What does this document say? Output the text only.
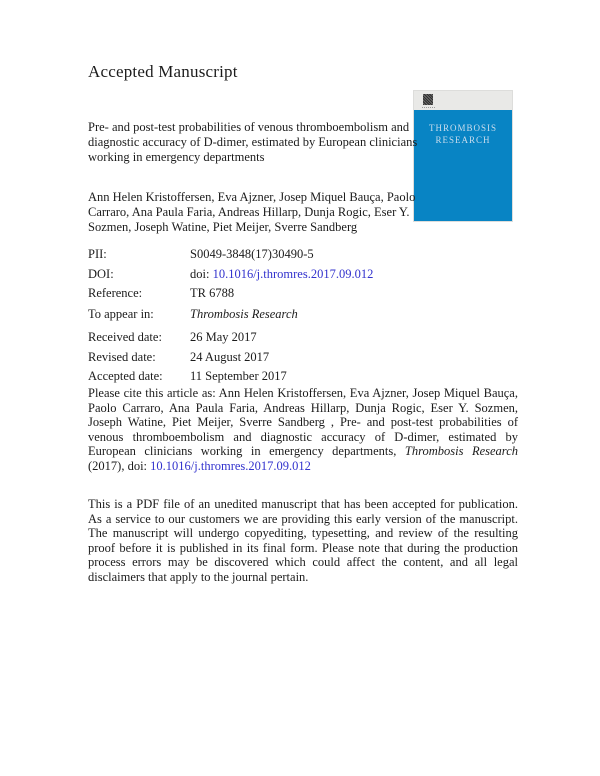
Accepted Manuscript
THROMBOSIS
RESEARCH

Pre- and post-test probabilities of venous thromboembolism and diagnostic accuracy of D-dimer, estimated by European clinicians working in emergency departments

Ann Helen Kristoffersen, Eva Ajzner, Josep Miquel Bauça, Paolo Carraro, Ana Paula Faria, Andreas Hillarp, Dunja Rogic, Eser Y. Sozmen, Joseph Watine, Piet Meijer, Sverre Sandberg

PII:	S0049-3848(17)30490-5
DOI:	doi: 10.1016/j.thromres.2017.09.012
Reference:	TR 6788
To appear in:	Thrombosis Research
Received date:	26 May 2017
Revised date:	24 August 2017
Accepted date:	11 September 2017

Please cite this article as: Ann Helen Kristoffersen, Eva Ajzner, Josep Miquel Bauça, Paolo Carraro, Ana Paula Faria, Andreas Hillarp, Dunja Rogic, Eser Y. Sozmen, Joseph Watine, Piet Meijer, Sverre Sandberg , Pre- and post-test probabilities of venous thromboembolism and diagnostic accuracy of D-dimer, estimated by European clinicians working in emergency departments, Thrombosis Research (2017), doi: 10.1016/j.thromres.2017.09.012

This is a PDF file of an unedited manuscript that has been accepted for publication. As a service to our customers we are providing this early version of the manuscript. The manuscript will undergo copyediting, typesetting, and review of the resulting proof before it is published in its final form. Please note that during the production process errors may be discovered which could affect the content, and all legal disclaimers that apply to the journal pertain.
